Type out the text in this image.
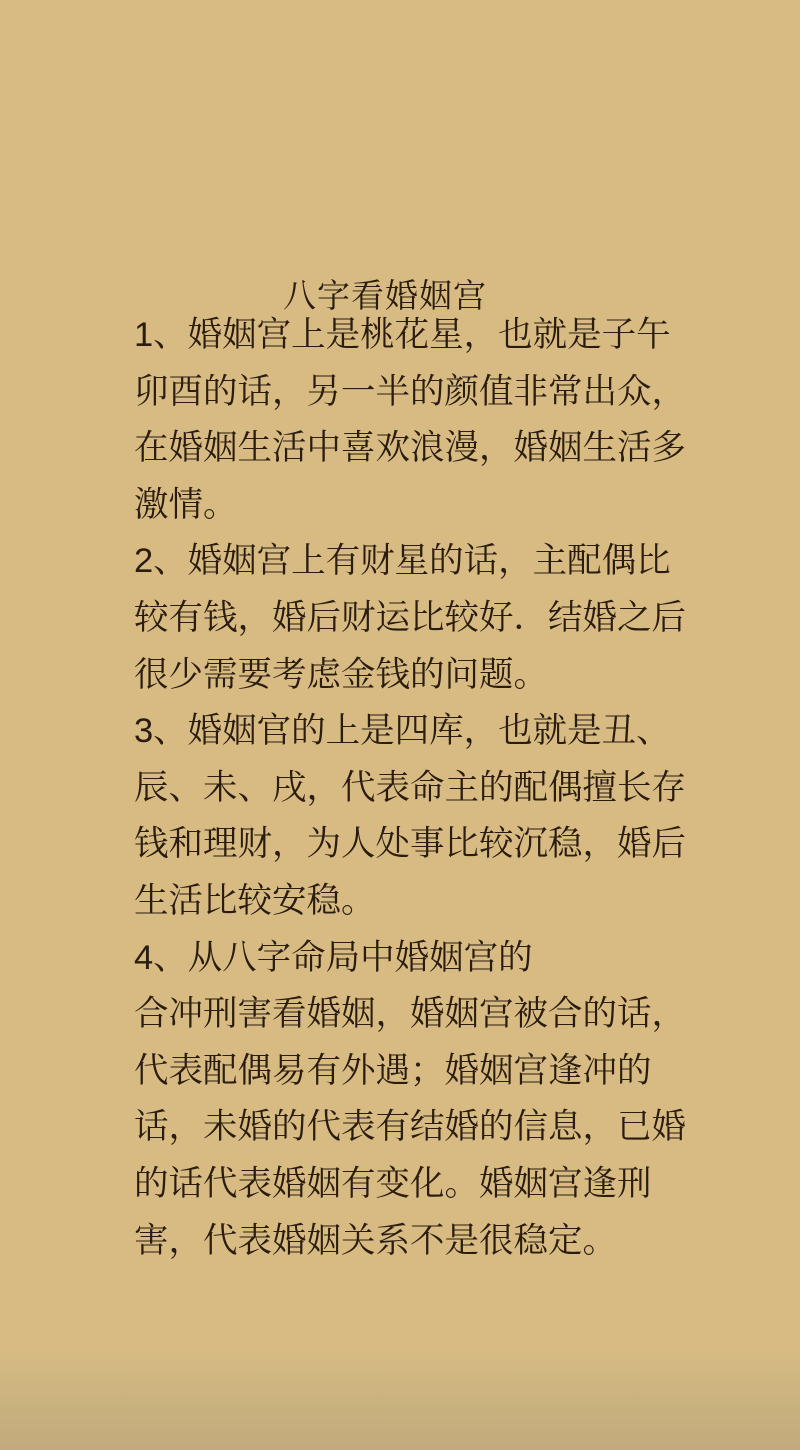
八字看婚姻宫
1、婚姻宫上是桃花星，也就是子午
卯酉的话，另一半的颜值非常出众，
在婚姻生活中喜欢浪漫，婚姻生活多
激情。
2、婚姻宫上有财星的话，主配偶比
较有钱，婚后财运比较好．结婚之后
很少需要考虑金钱的问题。
3、婚姻官的上是四库，也就是丑、
辰、未、戌，代表命主的配偶擅长存
钱和理财，为人处事比较沉稳，婚后
生活比较安稳。
4、从八字命局中婚姻宫的
合冲刑害看婚姻，婚姻宫被合的话，
代表配偶易有外遇；婚姻宫逢冲的
话，未婚的代表有结婚的信息，已婚
的话代表婚姻有变化。婚姻宫逢刑
害，代表婚姻关系不是很稳定。
